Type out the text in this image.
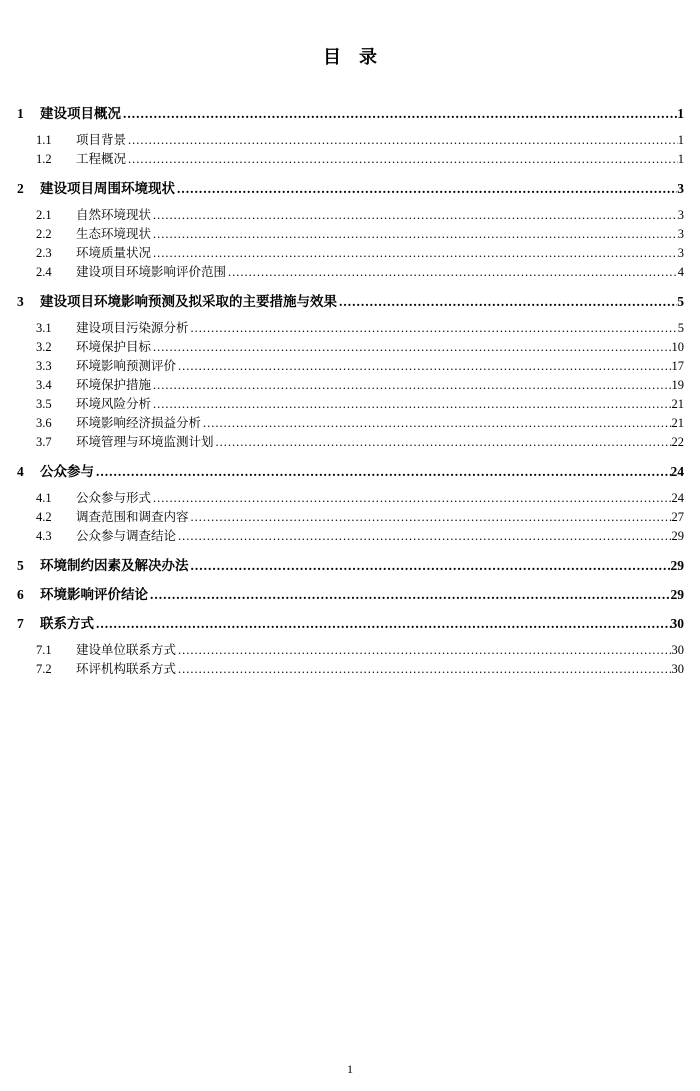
目　录
1	建设项目概况 .....	1
1.1	项目背景 .....	1
1.2	工程概况 .....	1
2	建设项目周围环境现状 .....	3
2.1	自然环境现状 .....	3
2.2	生态环境现状 .....	3
2.3	环境质量状况 .....	3
2.4	建设项目环境影响评价范围 .....	4
3	建设项目环境影响预测及拟采取的主要措施与效果 .....	5
3.1	建设项目污染源分析 .....	5
3.2	环境保护目标 .....	10
3.3	环境影响预测评价 .....	17
3.4	环境保护措施 .....	19
3.5	环境风险分析 .....	21
3.6	环境影响经济损益分析 .....	21
3.7	环境管理与环境监测计划 .....	22
4	公众参与 .....	24
4.1	公众参与形式 .....	24
4.2	调查范围和调查内容 .....	27
4.3	公众参与调查结论 .....	29
5	环境制约因素及解决办法 .....	29
6	环境影响评价结论 .....	29
7	联系方式 .....	30
7.1	建设单位联系方式 .....	30
7.2	环评机构联系方式 .....	30
1
